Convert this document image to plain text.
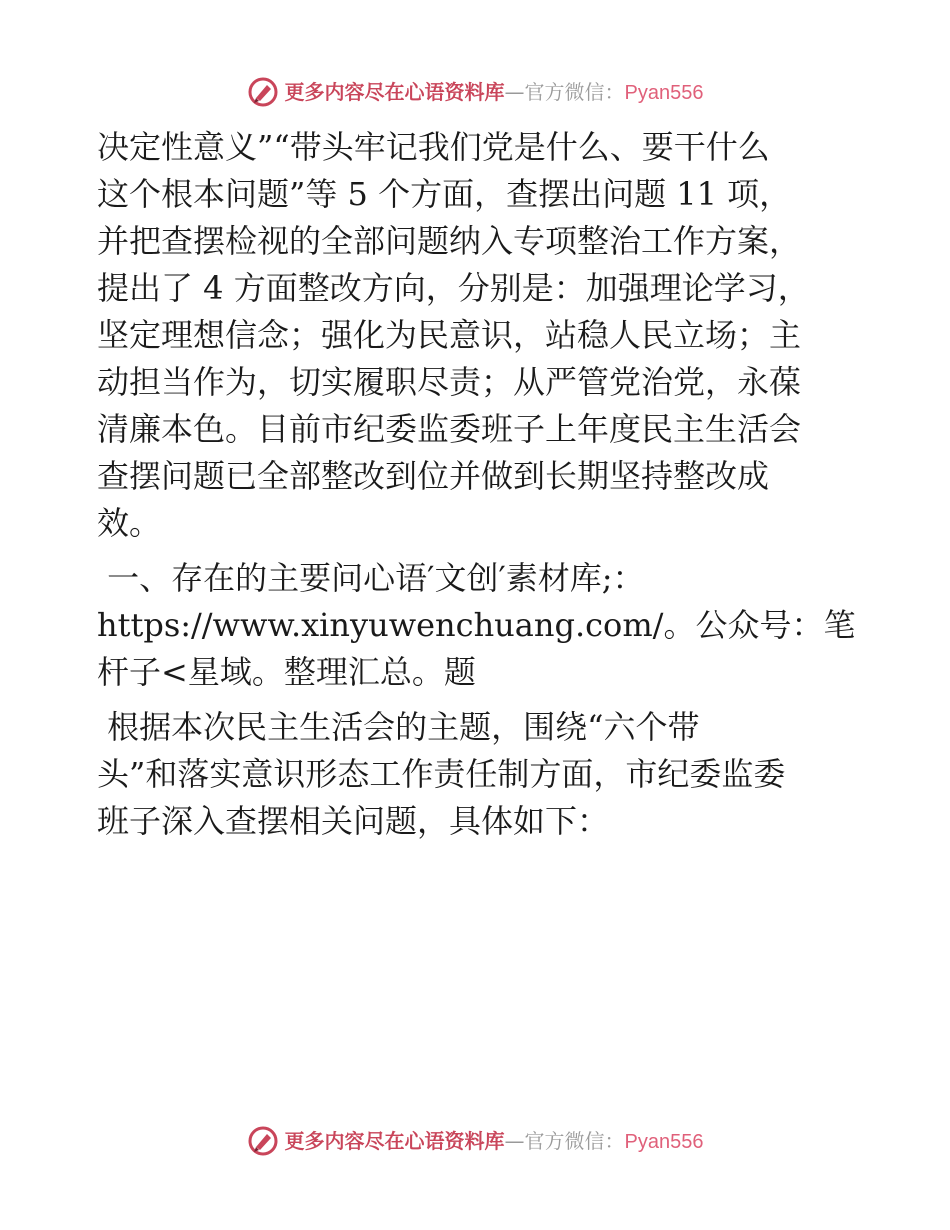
更多内容尽在心语资料库—官方微信：Pyan556
决定性意义”“带头牢记我们党是什么、要干什么
这个根本问题”等 5 个方面，查摆出问题 11 项，
并把查摆检视的全部问题纳入专项整治工作方案，
提出了 4 方面整改方向，分别是：加强理论学习，
坚定理想信念；强化为民意识，站稳人民立场；主
动担当作为，切实履职尽责；从严管党治党，永葆
清廉本色。目前市纪委监委班子上年度民主生活会
查摆问题已全部整改到位并做到长期坚持整改成
效。
一、存在的主要问心语′文创′素材库;：
https://www.xinyuwenchuang.com/。公众号：笔
杆子<星域。整理汇总。题
根据本次民主生活会的主题，围绕“六个带
头”和落实意识形态工作责任制方面，市纪委监委
班子深入查摆相关问题，具体如下：
更多内容尽在心语资料库—官方微信：Pyan556
